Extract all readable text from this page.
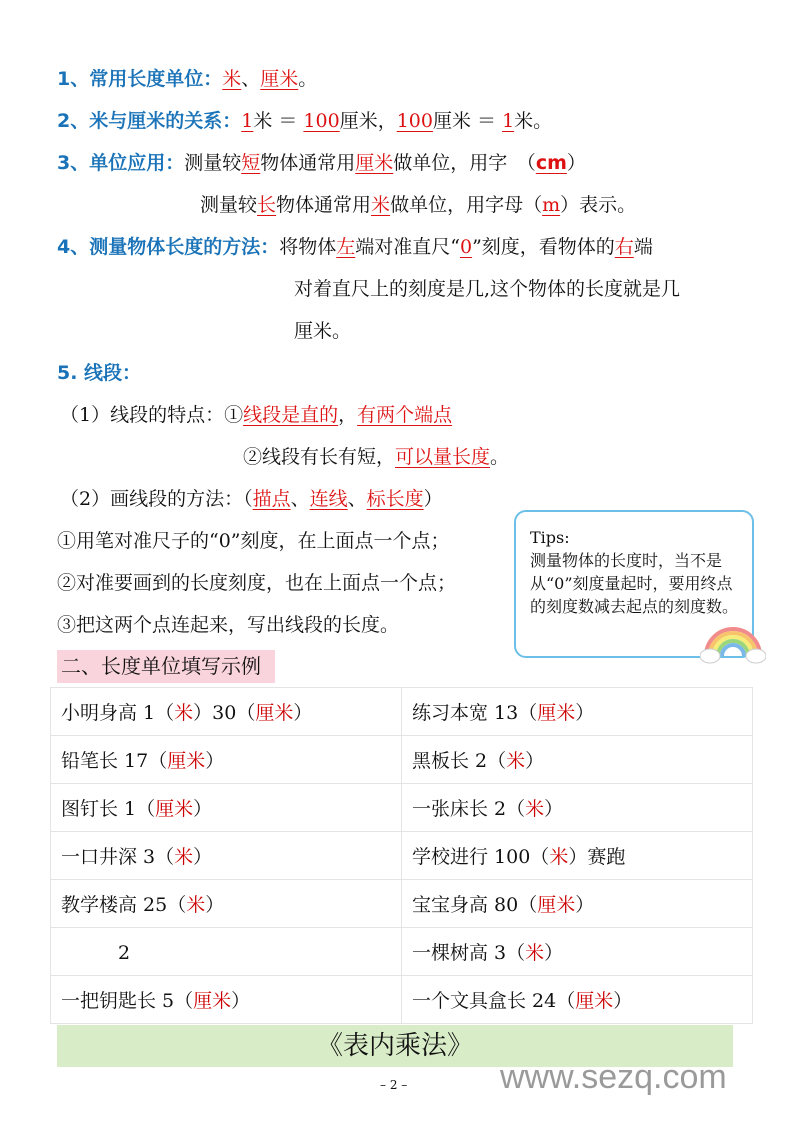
1、常用长度单位：米、厘米。
2、米与厘米的关系：1米 ＝ 100厘米，100厘米 ＝ 1米。
3、单位应用：测量较短物体通常用厘米做单位，用字　（cm）
测量较长物体通常用米做单位，用字母（m）表示。
4、测量物体长度的方法：将物体左端对准直尺“0”刻度，看物体的右端
对着直尺上的刻度是几,这个物体的长度就是几
厘米。
5. 线段：
（1）线段的特点：①线段是直的，有两个端点
②线段有长有短，可以量长度。
（2）画线段的方法：（描点、连线、标长度）
①用笔对准尺子的“0”刻度，在上面点一个点；
②对准要画到的长度刻度，也在上面点一个点；
③把这两个点连起来，写出线段的长度。
Tips:
测量物体的长度时，当不是从“0”刻度量起时，要用终点的刻度数减去起点的刻度数。
二、长度单位填写示例
小明身高 1（米）30（厘米）	练习本宽 13（厘米）
铅笔长 17（厘米）	黑板长 2（米）
图钉长 1（厘米）	一张床长 2（米）
一口井深 3（米）	学校进行 100（米）赛跑
教学楼高 25（米）	宝宝身高 80（厘米）
　　　2	一棵树高 3（米）
一把钥匙长 5（厘米）	一个文具盒长 24（厘米）
《表内乘法》
– 2 –	www.sezq.com
